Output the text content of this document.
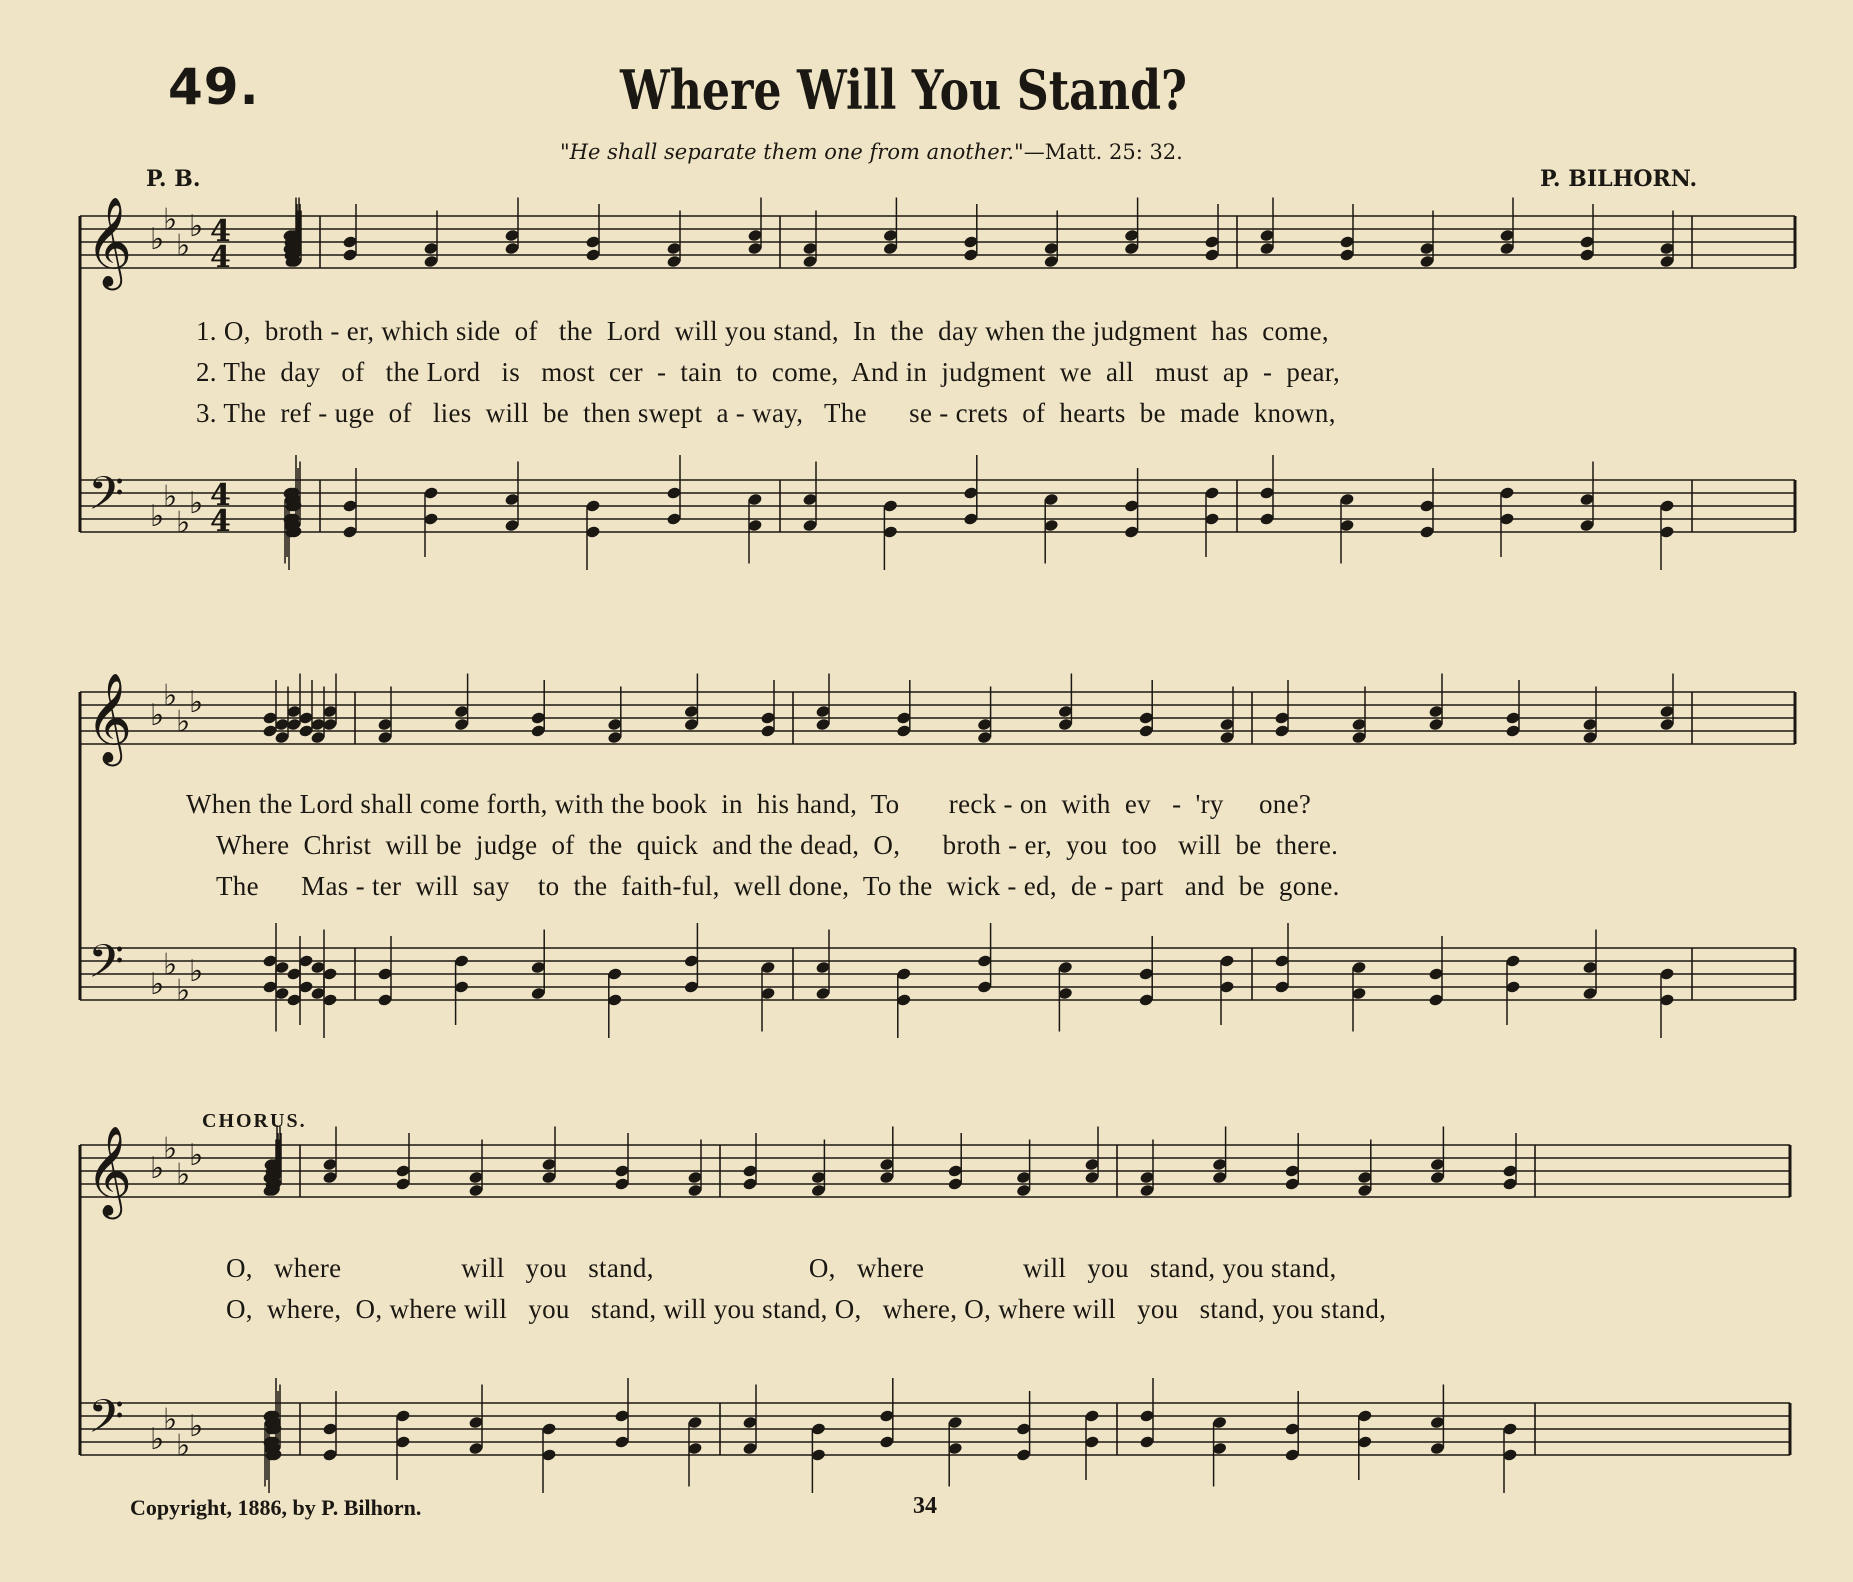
49.	Where Will You Stand?
"He shall separate them one from another."—Matt. 25: 32.
P. B.	P. BILHORN.
𝄞
𝄢
♭
♭
♭
♭
♭
♭
♭
♭
4
4
4
4
𝄞
𝄢
♭
♭
♭
♭
♭
♭
♭
♭
𝄞
𝄢
♭
♭
♭
♭
♭
♭
♭
♭
1. O,  broth - er, which side  of   the  Lord  will you stand,  In  the  day when the judgment  has  come,
2. The  day   of   the Lord   is   most  cer  -  tain  to  come,  And in  judgment  we  all   must  ap  -  pear,
3. The  ref - uge  of   lies  will  be  then swept  a - way,   The      se - crets  of  hearts  be  made  known,
When the Lord shall come forth, with the book  in  his hand,  To       reck - on  with  ev   -  'ry     one?
Where  Christ  will be  judge  of  the  quick  and the dead,  O,      broth - er,  you  too   will  be  there.
The      Mas - ter  will  say    to  the  faith-ful,  well done,  To the  wick - ed,  de - part   and  be  gone.
CHORUS.
O,   where                 will   you   stand,                      O,   where              will   you   stand, you stand,
O,  where,  O, where will   you   stand, will you stand, O,   where, O, where will   you   stand, you stand,
Copyright, 1886, by P. Bilhorn.	34
